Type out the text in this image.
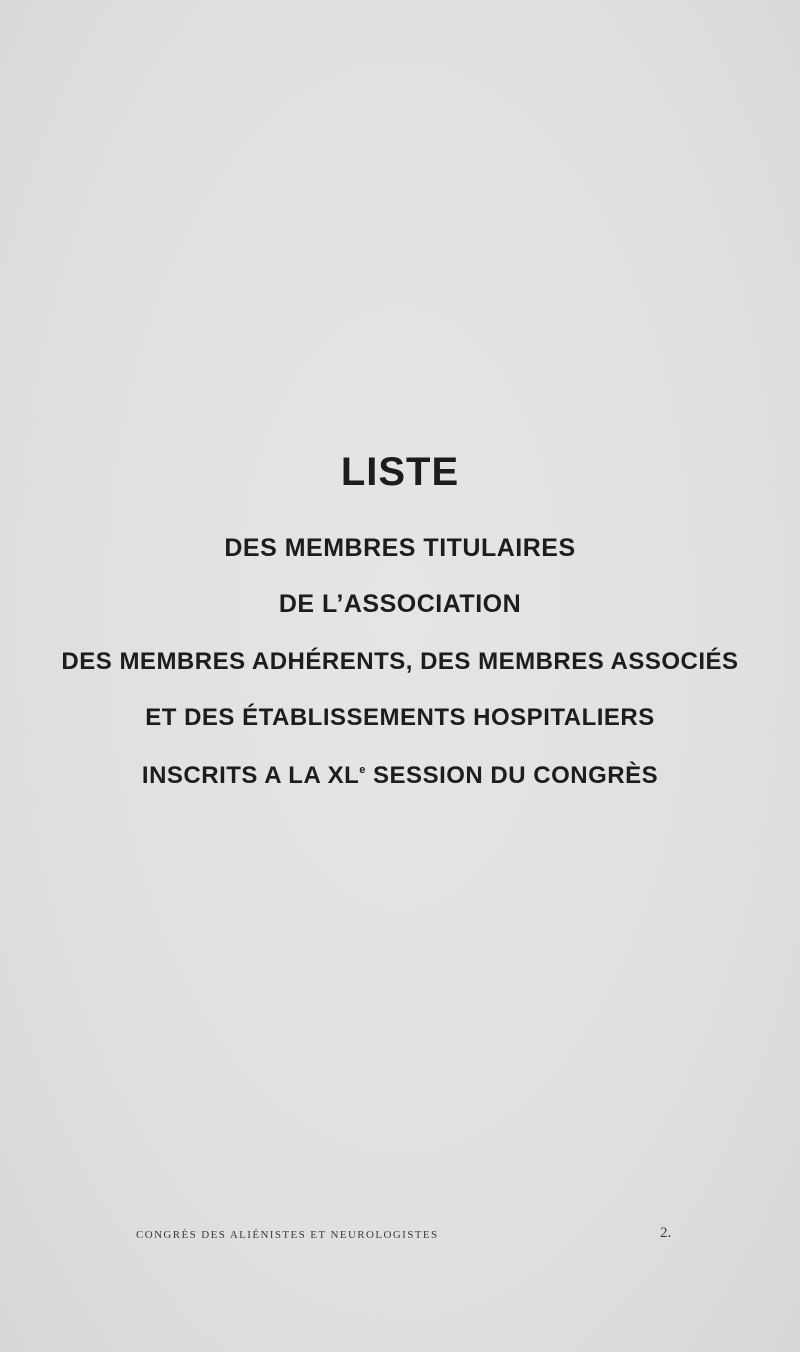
LISTE
DES MEMBRES TITULAIRES
DE L’ASSOCIATION
DES MEMBRES ADHÉRENTS, DES MEMBRES ASSOCIÉS
ET DES ÉTABLISSEMENTS HOSPITALIERS
INSCRITS A LA XLe SESSION DU CONGRÈS
CONGRÈS DES ALIÉNISTES ET NEUROLOGISTES	2.
